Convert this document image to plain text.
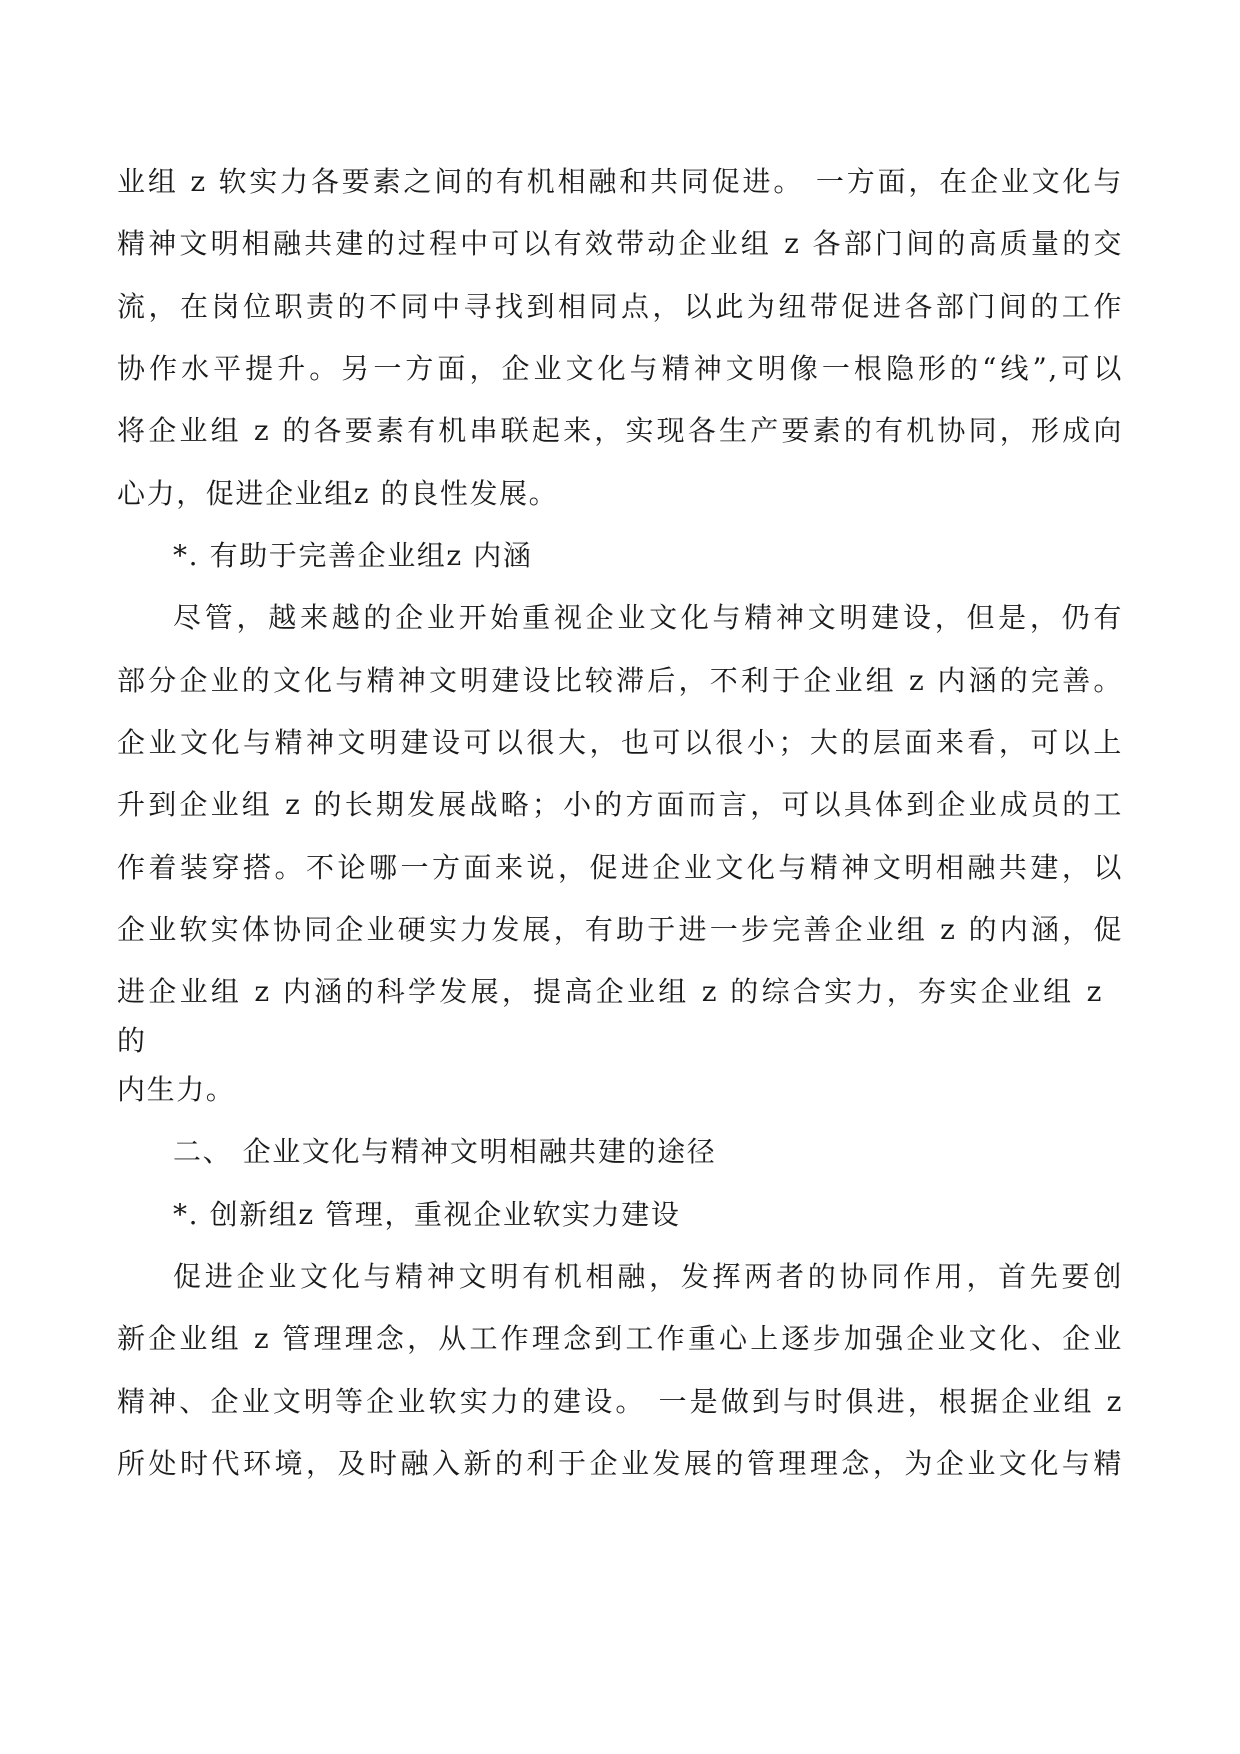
业组 z 软实力各要素之间的有机相融和共同促进。 一方面，在企业文化与
精神文明相融共建的过程中可以有效带动企业组 z 各部门间的高质量的交
流，在岗位职责的不同中寻找到相同点，以此为纽带促进各部门间的工作
协作水平提升。另一方面，企业文化与精神文明像一根隐形的“线”,可以
将企业组 z 的各要素有机串联起来，实现各生产要素的有机协同，形成向
心力，促进企业组z 的良性发展。
*. 有助于完善企业组z 内涵
尽管，越来越的企业开始重视企业文化与精神文明建设，但是，仍有
部分企业的文化与精神文明建设比较滞后，不利于企业组 z 内涵的完善。
企业文化与精神文明建设可以很大，也可以很小；大的层面来看，可以上
升到企业组 z 的长期发展战略；小的方面而言，可以具体到企业成员的工
作着装穿搭。不论哪一方面来说，促进企业文化与精神文明相融共建，以
企业软实体协同企业硬实力发展，有助于进一步完善企业组 z 的内涵，促
进企业组 z 内涵的科学发展，提高企业组 z 的综合实力，夯实企业组 z
的
内生力。
二、 企业文化与精神文明相融共建的途径
*. 创新组z 管理，重视企业软实力建设
促进企业文化与精神文明有机相融，发挥两者的协同作用，首先要创
新企业组 z 管理理念，从工作理念到工作重心上逐步加强企业文化、企业
精神、企业文明等企业软实力的建设。 一是做到与时俱进，根据企业组 z
所处时代环境，及时融入新的利于企业发展的管理理念，为企业文化与精
